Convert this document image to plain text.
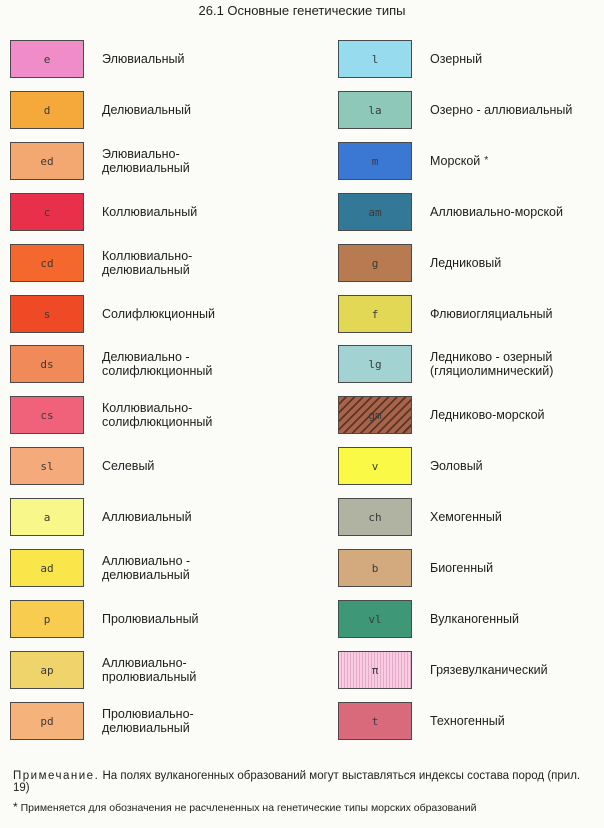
26.1 Основные генетические типы
e	Элювиальный
d	Делювиальный
ed	Элювиально-
делювиальный
c	Коллювиальный
cd	Коллювиально-
делювиальный
s	Солифлюкционный
ds	Делювиально -
солифлюкционный
cs	Коллювиально-
солифлюкционный
sl	Селевый
a	Аллювиальный
ad	Аллювиально -
делювиальный
p	Пролювиальный
ap	Аллювиально-
пролювиальный
pd	Пролювиально-
делювиальный
l	Озерный
la	Озерно - аллювиальный
m	Морской *
am	Аллювиально-морской
g	Ледниковый
f	Флювиогляциальный
lg	Ледниково - озерный
(гляциолимнический)
gm	Ледниково-морской
v	Эоловый
ch	Хемогенный
b	Биогенный
vl	Вулканогенный
π	Грязевулканический
t	Техногенный
Примечание. На полях вулканогенных образований могут выставляться индексы состава пород (прил. 19)
* Применяется для обозначения не расчлененных на генетические типы морских образований
